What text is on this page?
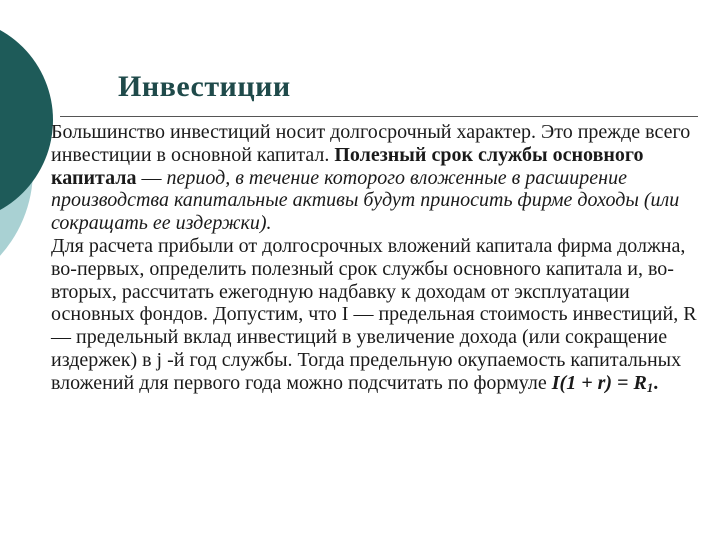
Инвестиции

Большинство инвестиций носит долгосрочный характер. Это прежде всего инвестиции в основной капитал. Полезный срок службы основного капитала — период, в течение которого вложенные в расширение производства капитальные активы будут приносить фирме доходы (или сокращать ее издержки).

Для расчета прибыли от долгосрочных вложений капитала фирма должна, во-первых, определить полезный срок службы основного капитала и, во-вторых, рассчитать ежегодную надбавку к доходам от эксплуатации основных фондов. Допустим, что I — предельная стоимость инвестиций, R — предельный вклад инвестиций в увеличение дохода (или сокращение издержек) в j -й год службы. Тогда предельную окупаемость капитальных вложений для первого года можно подсчитать по формуле $I(1 + r) = R_1$.
